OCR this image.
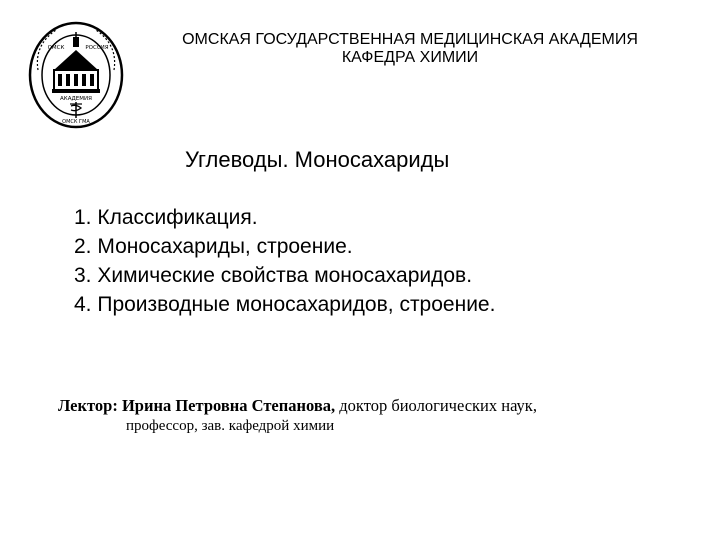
ОМСК	РОССИЯ
АКАДЕМИЯ
ОМСК ГМА
ОМСКАЯ ГОСУДАРСТВЕННАЯ МЕДИЦИНСКАЯ АКАДЕМИЯ
КАФЕДРА ХИМИИ
Углеводы. Моносахариды
1. Классификация.
2. Моносахариды, строение.
3. Химические свойства моносахаридов.
4. Производные моносахаридов, строение.
Лектор: Ирина Петровна Степанова, доктор биологических наук,
профессор, зав. кафедрой химии
